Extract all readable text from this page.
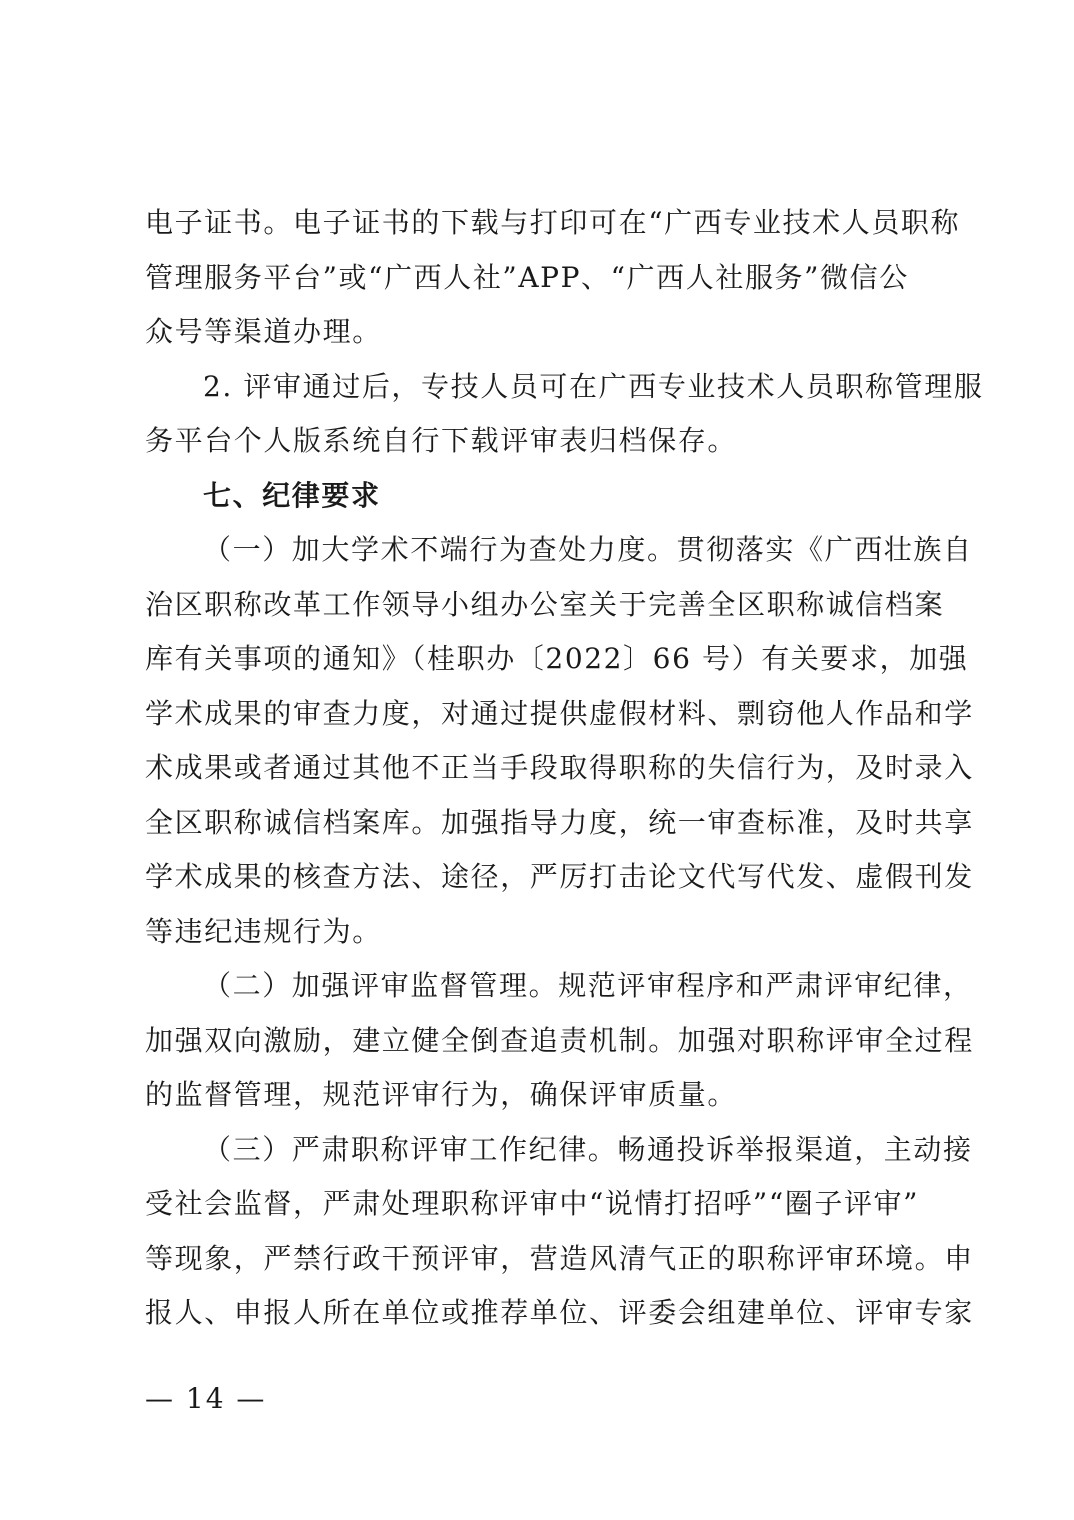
电子证书。电子证书的下载与打印可在“广西专业技术人员职称
管理服务平台”或“广西人社”APP、“广西人社服务”微信公
众号等渠道办理。

2. 评审通过后，专技人员可在广西专业技术人员职称管理服
务平台个人版系统自行下载评审表归档保存。

七、纪律要求

（一）加大学术不端行为查处力度。贯彻落实《广西壮族自
治区职称改革工作领导小组办公室关于完善全区职称诚信档案
库有关事项的通知》（桂职办〔2022〕66 号）有关要求，加强
学术成果的审查力度，对通过提供虚假材料、剽窃他人作品和学
术成果或者通过其他不正当手段取得职称的失信行为，及时录入
全区职称诚信档案库。加强指导力度，统一审查标准，及时共享
学术成果的核查方法、途径，严厉打击论文代写代发、虚假刊发
等违纪违规行为。

（二）加强评审监督管理。规范评审程序和严肃评审纪律，
加强双向激励，建立健全倒查追责机制。加强对职称评审全过程
的监督管理，规范评审行为，确保评审质量。

（三）严肃职称评审工作纪律。畅通投诉举报渠道，主动接
受社会监督，严肃处理职称评审中“说情打招呼”“圈子评审”
等现象，严禁行政干预评审，营造风清气正的职称评审环境。申
报人、申报人所在单位或推荐单位、评委会组建单位、评审专家

— 14 —
